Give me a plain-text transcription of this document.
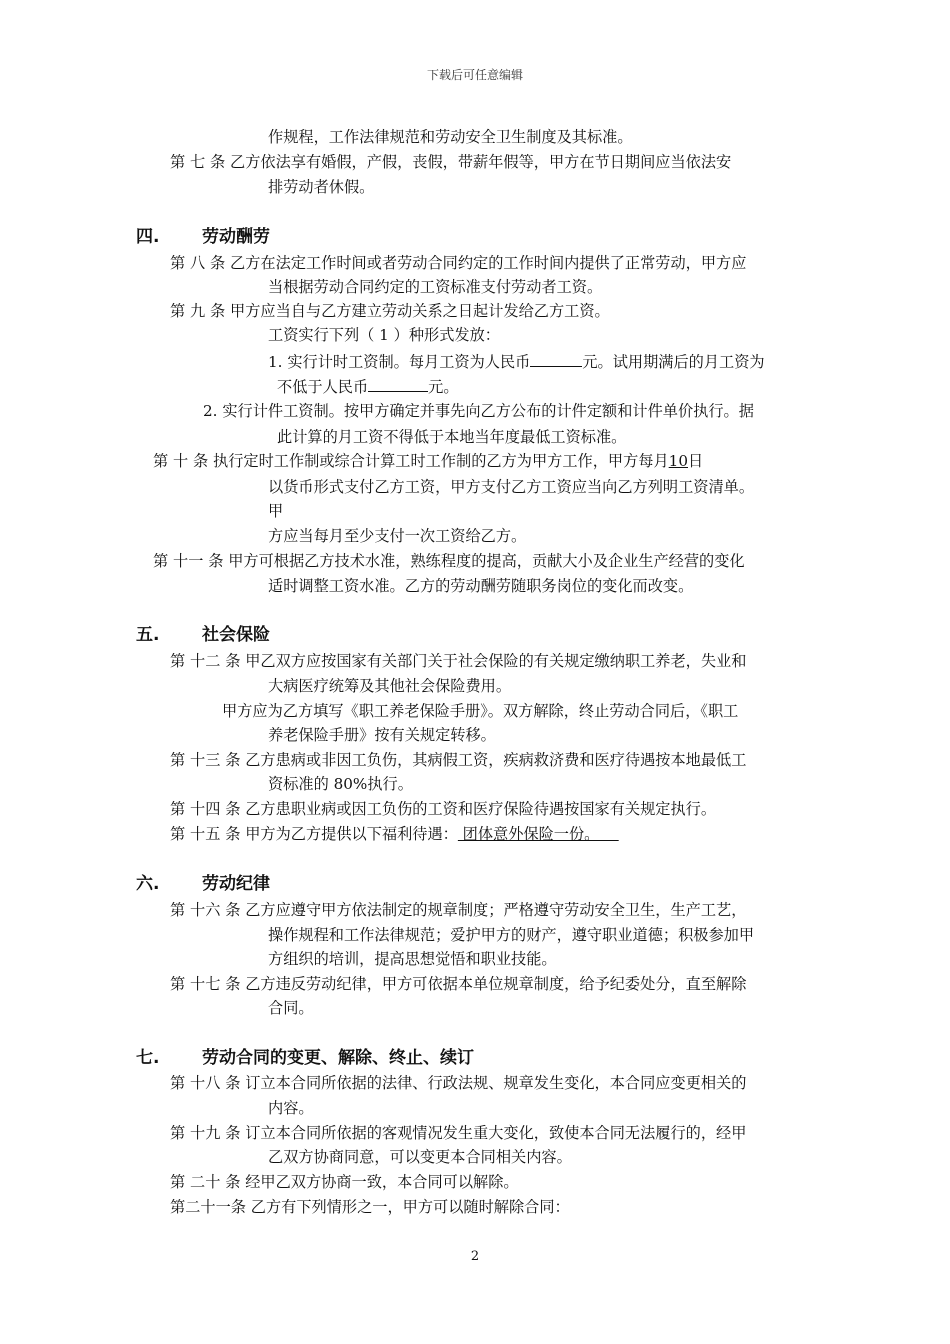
下载后可任意编辑
作规程，工作法律规范和劳动安全卫生制度及其标准。
第 七 条 乙方依法享有婚假，产假，丧假，带薪年假等，甲方在节日期间应当依法安
排劳动者休假。
四.	劳动酬劳
第 八 条 乙方在法定工作时间或者劳动合同约定的工作时间内提供了正常劳动，甲方应
当根据劳动合同约定的工资标准支付劳动者工资。
第 九 条 甲方应当自与乙方建立劳动关系之日起计发给乙方工资。
工资实行下列（ 1 ）种形式发放：
1. 实行计时工资制。每月工资为人民币	元。试用期满后的月工资为
不低于人民币	元。
2. 实行计件工资制。按甲方确定并事先向乙方公布的计件定额和计件单价执行。据
此计算的月工资不得低于本地当年度最低工资标准。
第 十 条 执行定时工作制或综合计算工时工作制的乙方为甲方工作，甲方每月10日
以货币形式支付乙方工资，甲方支付乙方工资应当向乙方列明工资清单。
甲
方应当每月至少支付一次工资给乙方。
第 十一 条 甲方可根据乙方技术水准，熟练程度的提高，贡献大小及企业生产经营的变化
适时调整工资水准。乙方的劳动酬劳随职务岗位的变化而改变。
五.	社会保险
第 十二 条 甲乙双方应按国家有关部门关于社会保险的有关规定缴纳职工养老，失业和
大病医疗统筹及其他社会保险费用。
甲方应为乙方填写《职工养老保险手册》。双方解除，终止劳动合同后，《职工
养老保险手册》按有关规定转移。
第 十三 条 乙方患病或非因工负伤，其病假工资，疾病救济费和医疗待遇按本地最低工
资标准的 80%执行。
第 十四 条 乙方患职业病或因工负伤的工资和医疗保险待遇按国家有关规定执行。
第 十五 条 甲方为乙方提供以下福利待遇： 团体意外保险一份。
六.	劳动纪律
第 十六 条 乙方应遵守甲方依法制定的规章制度；严格遵守劳动安全卫生，生产工艺，
操作规程和工作法律规范；爱护甲方的财产，遵守职业道德；积极参加甲
方组织的培训，提高思想觉悟和职业技能。
第 十七 条 乙方违反劳动纪律，甲方可依据本单位规章制度，给予纪委处分，直至解除
合同。
七.	劳动合同的变更、解除、终止、续订
第 十八 条 订立本合同所依据的法律、行政法规、规章发生变化，本合同应变更相关的
内容。
第 十九 条 订立本合同所依据的客观情况发生重大变化，致使本合同无法履行的，经甲
乙双方协商同意，可以变更本合同相关内容。
第 二十 条 经甲乙双方协商一致，本合同可以解除。
第二十一条 乙方有下列情形之一，甲方可以随时解除合同：
2
